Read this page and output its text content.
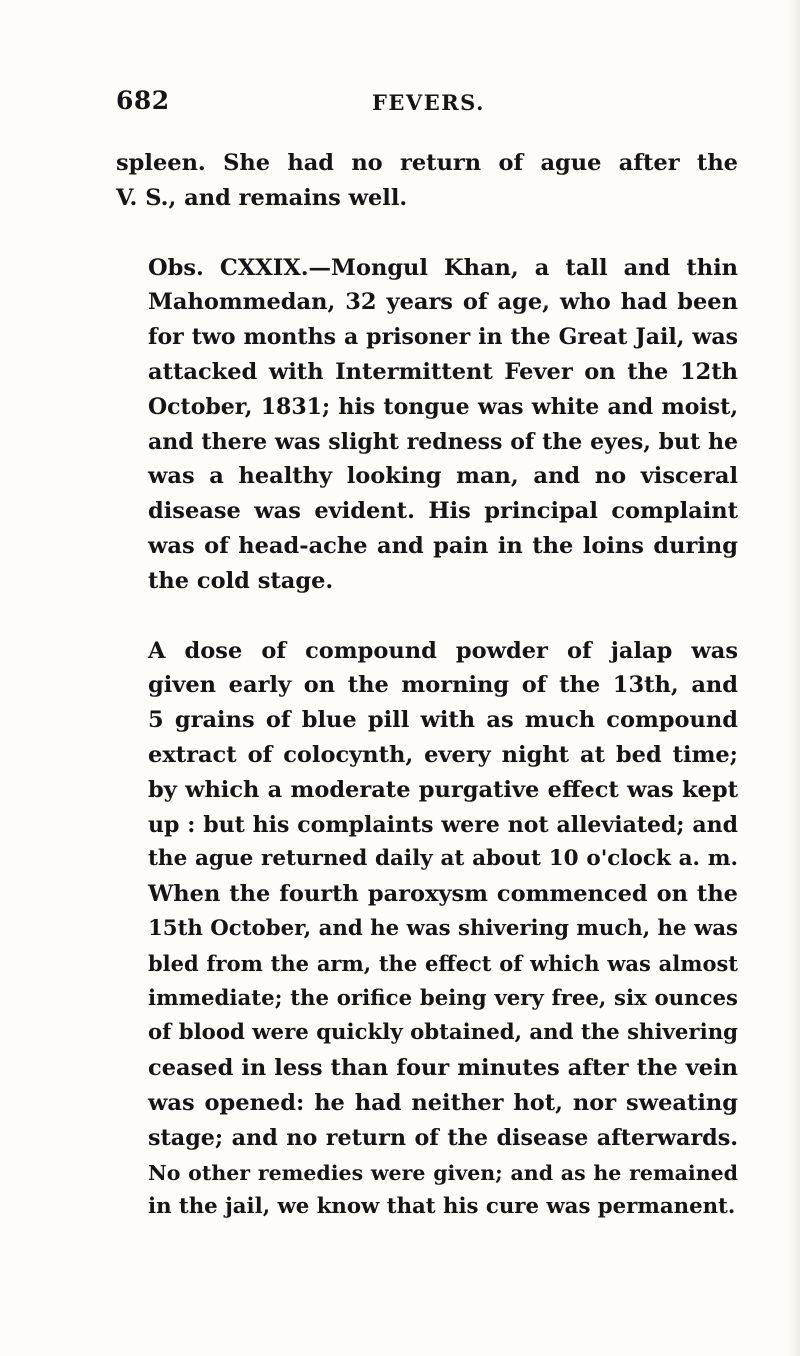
682	FEVERS.

spleen. She had no return of ague after the
V. S., and remains well.

Obs. CXXIX.—Mongul Khan, a tall and thin
Mahommedan, 32 years of age, who had been
for two months a prisoner in the Great Jail, was
attacked with Intermittent Fever on the 12th
October, 1831; his tongue was white and moist,
and there was slight redness of the eyes, but he
was a healthy looking man, and no visceral
disease was evident. His principal complaint
was of head-ache and pain in the loins during
the cold stage.

A dose of compound powder of jalap was
given early on the morning of the 13th, and
5 grains of blue pill with as much compound
extract of colocynth, every night at bed time;
by which a moderate purgative effect was kept
up : but his complaints were not alleviated; and
the ague returned daily at about 10 o'clock a. m.
When the fourth paroxysm commenced on the
15th October, and he was shivering much, he was
bled from the arm, the effect of which was almost
immediate; the orifice being very free, six ounces
of blood were quickly obtained, and the shivering
ceased in less than four minutes after the vein
was opened: he had neither hot, nor sweating
stage; and no return of the disease afterwards.
No other remedies were given; and as he remained
in the jail, we know that his cure was permanent.
